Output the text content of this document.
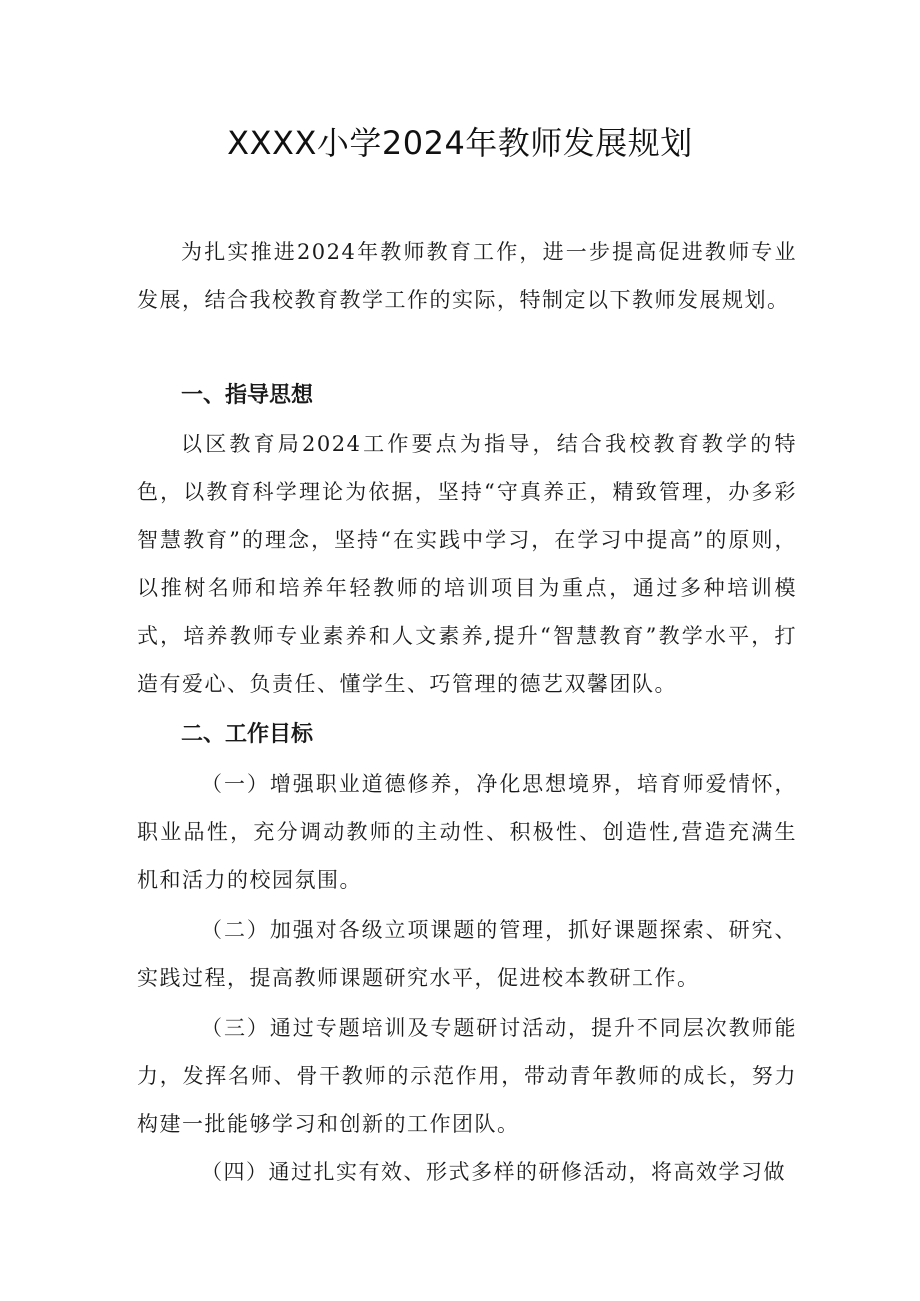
XXXX小学2024年教师发展规划

为扎实推进2024年教师教育工作，进一步提高促进教师专业发展，结合我校教育教学工作的实际，特制定以下教师发展规划。

一、指导思想

以区教育局2024工作要点为指导，结合我校教育教学的特色，以教育科学理论为依据，坚持“守真养正，精致管理，办多彩智慧教育”的理念，坚持“在实践中学习，在学习中提高”的原则，以推树名师和培养年轻教师的培训项目为重点，通过多种培训模式，培养教师专业素养和人文素养,提升“智慧教育”教学水平，打造有爱心、负责任、懂学生、巧管理的德艺双馨团队。

二、工作目标

（一）增强职业道德修养，净化思想境界，培育师爱情怀，职业品性，充分调动教师的主动性、积极性、创造性,营造充满生机和活力的校园氛围。

（二）加强对各级立项课题的管理，抓好课题探索、研究、实践过程，提高教师课题研究水平，促进校本教研工作。

（三）通过专题培训及专题研讨活动，提升不同层次教师能力，发挥名师、骨干教师的示范作用，带动青年教师的成长，努力构建一批能够学习和创新的工作团队。

（四）通过扎实有效、形式多样的研修活动，将高效学习做
